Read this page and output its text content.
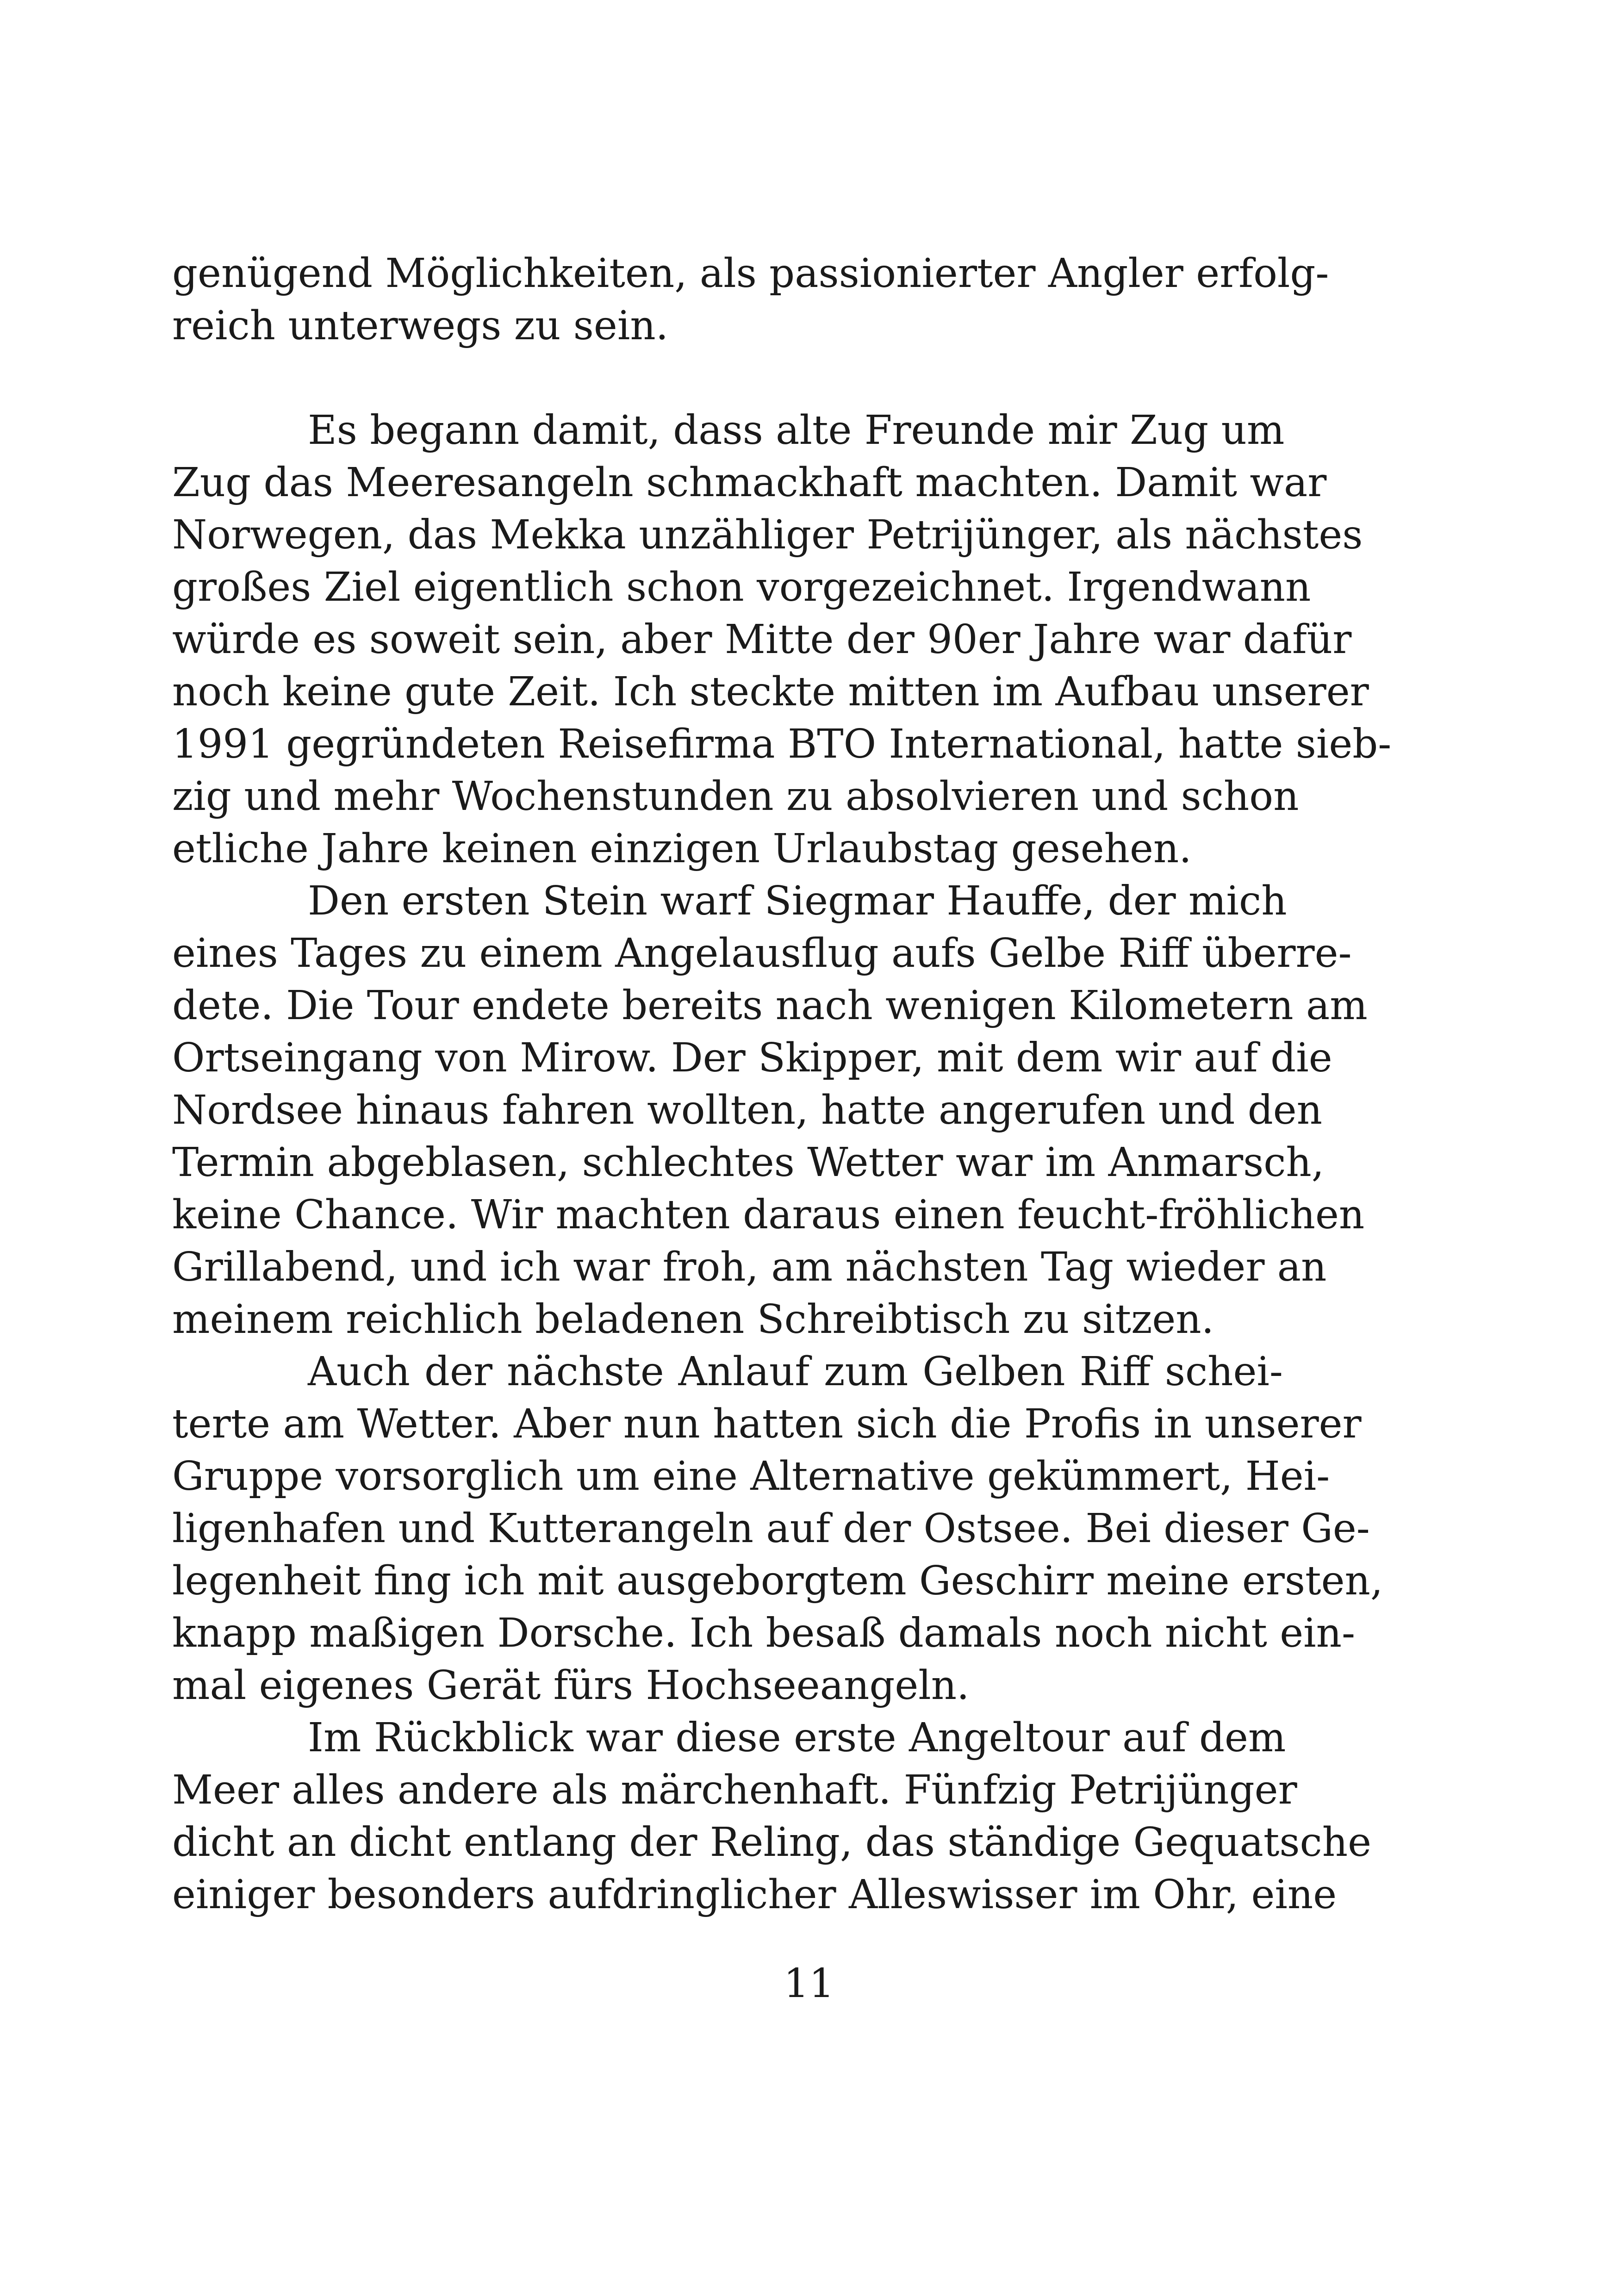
genügend Möglichkeiten, als passionierter Angler erfolg-
reich unterwegs zu sein.
Es begann damit, dass alte Freunde mir Zug um
Zug das Meeresangeln schmackhaft machten. Damit war
Norwegen, das Mekka unzähliger Petrijünger, als nächstes
großes Ziel eigentlich schon vorgezeichnet. Irgendwann
würde es soweit sein, aber Mitte der 90er Jahre war dafür
noch keine gute Zeit. Ich steckte mitten im Aufbau unserer
1991 gegründeten Reisefirma BTO International, hatte sieb-
zig und mehr Wochenstunden zu absolvieren und schon
etliche Jahre keinen einzigen Urlaubstag gesehen.
Den ersten Stein warf Siegmar Hauffe, der mich
eines Tages zu einem Angelausflug aufs Gelbe Riff überre-
dete. Die Tour endete bereits nach wenigen Kilometern am
Ortseingang von Mirow. Der Skipper, mit dem wir auf die
Nordsee hinaus fahren wollten, hatte angerufen und den
Termin abgeblasen, schlechtes Wetter war im Anmarsch,
keine Chance. Wir machten daraus einen feucht-fröhlichen
Grillabend, und ich war froh, am nächsten Tag wieder an
meinem reichlich beladenen Schreibtisch zu sitzen.
Auch der nächste Anlauf zum Gelben Riff schei-
terte am Wetter. Aber nun hatten sich die Profis in unserer
Gruppe vorsorglich um eine Alternative gekümmert, Hei-
ligenhafen und Kutterangeln auf der Ostsee. Bei dieser Ge-
legenheit fing ich mit ausgeborgtem Geschirr meine ersten,
knapp maßigen Dorsche. Ich besaß damals noch nicht ein-
mal eigenes Gerät fürs Hochseeangeln.
Im Rückblick war diese erste Angeltour auf dem
Meer alles andere als märchenhaft. Fünfzig Petrijünger
dicht an dicht entlang der Reling, das ständige Gequatsche
einiger besonders aufdringlicher Alleswisser im Ohr, eine
11
